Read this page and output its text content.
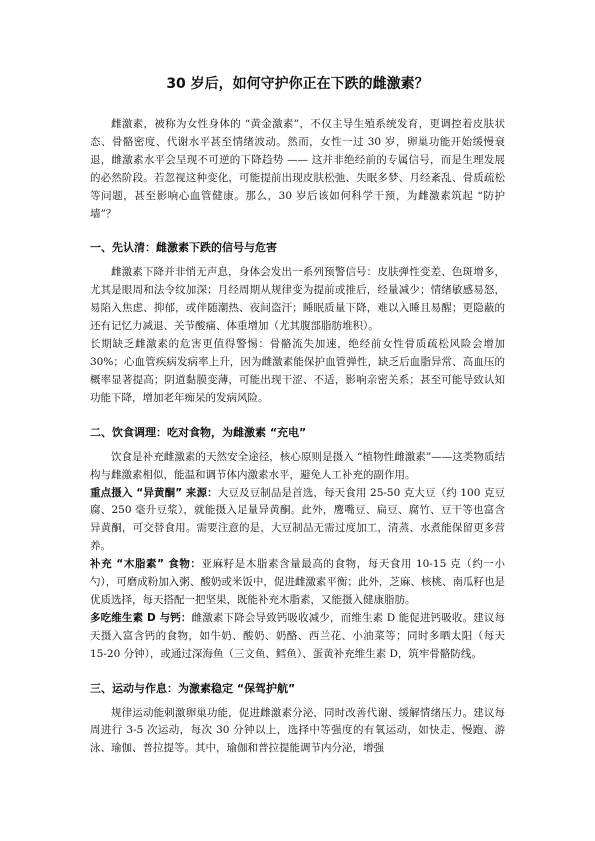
30 岁后，如何守护你正在下跌的雌激素？

雌激素，被称为女性身体的 “黄金激素”，不仅主导生殖系统发育，更调控着皮肤状态、骨骼密度、代谢水平甚至情绪波动。然而，女性一过 30 岁，卵巢功能开始缓慢衰退，雌激素水平会呈现不可逆的下降趋势 —— 这并非绝经前的专属信号，而是生理发展的必然阶段。若忽视这种变化，可能提前出现皮肤松弛、失眠多梦、月经紊乱、骨质疏松等问题，甚至影响心血管健康。那么，30 岁后该如何科学干预，为雌激素筑起 “防护墙”？

一、先认清：雌激素下跌的信号与危害

雌激素下降并非悄无声息，身体会发出一系列预警信号：皮肤弹性变差、色斑增多，尤其是眼周和法令纹加深；月经周期从规律变为提前或推后，经量减少；情绪敏感易怒，易陷入焦虑、抑郁，或伴随潮热、夜间盗汗；睡眠质量下降，难以入睡且易醒；更隐蔽的还有记忆力减退、关节酸痛、体重增加（尤其腹部脂肪堆积）。

长期缺乏雌激素的危害更值得警惕：骨骼流失加速，绝经前女性骨质疏松风险会增加 30%；心血管疾病发病率上升，因为雌激素能保护血管弹性，缺乏后血脂异常、高血压的概率显著提高；阴道黏膜变薄，可能出现干涩、不适，影响亲密关系；甚至可能导致认知功能下降，增加老年痴呆的发病风险。

二、饮食调理：吃对食物，为雌激素 “充电”

饮食是补充雌激素的天然安全途径，核心原则是摄入 “植物性雌激素”——这类物质结构与雌激素相似，能温和调节体内激素水平，避免人工补充的副作用。

重点摄入 “异黄酮” 来源：大豆及豆制品是首选，每天食用 25-50 克大豆（约 100 克豆腐、250 毫升豆浆），就能摄入足量异黄酮。此外，鹰嘴豆、扁豆、腐竹、豆干等也富含异黄酮，可交替食用。需要注意的是，大豆制品无需过度加工，清蒸、水煮能保留更多营养。

补充 “木脂素” 食物：亚麻籽是木脂素含量最高的食物，每天食用 10-15 克（约一小勺），可磨成粉加入粥、酸奶或米饭中，促进雌激素平衡；此外，芝麻、核桃、南瓜籽也是优质选择，每天搭配一把坚果，既能补充木脂素，又能摄入健康脂肪。

多吃维生素 D 与钙：雌激素下降会导致钙吸收减少，而维生素 D 能促进钙吸收。建议每天摄入富含钙的食物，如牛奶、酸奶、奶酪、西兰花、小油菜等；同时多晒太阳（每天 15-20 分钟），或通过深海鱼（三文鱼、鳕鱼）、蛋黄补充维生素 D，筑牢骨骼防线。

三、运动与作息：为激素稳定 “保驾护航”

规律运动能刺激卵巢功能，促进雌激素分泌，同时改善代谢、缓解情绪压力。建议每周进行 3-5 次运动，每次 30 分钟以上，选择中等强度的有氧运动，如快走、慢跑、游泳、瑜伽、普拉提等。其中，瑜伽和普拉提能调节内分泌，增强
